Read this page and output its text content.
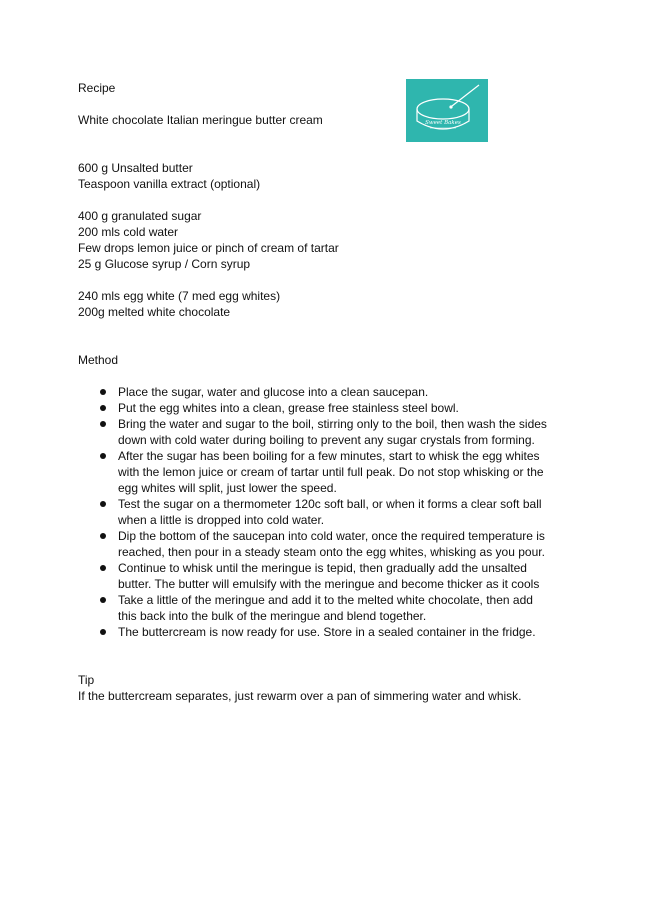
Recipe
White chocolate Italian meringue butter cream	Sweet Bakes
600 g Unsalted butter
Teaspoon vanilla extract (optional)
400 g granulated sugar
200 mls cold water
Few drops lemon juice or pinch of cream of tartar
25 g Glucose syrup / Corn syrup
240 mls egg white (7 med egg whites)
200g melted white chocolate
Method
Place the sugar, water and glucose into a clean saucepan.
Put the egg whites into a clean, grease free stainless steel bowl.
Bring the water and sugar to the boil, stirring only to the boil, then wash the sides down with cold water during boiling to prevent any sugar crystals from forming.
After the sugar has been boiling for a few minutes, start to whisk the egg whites with the lemon juice or cream of tartar until full peak. Do not stop whisking or the egg whites will split, just lower the speed.
Test the sugar on a thermometer 120c soft ball, or when it forms a clear soft ball when a little is dropped into cold water.
Dip the bottom of the saucepan into cold water, once the required temperature is reached, then pour in a steady steam onto the egg whites, whisking as you pour.
Continue to whisk until the meringue is tepid, then gradually add the unsalted butter. The butter will emulsify with the meringue and become thicker as it cools
Take a little of the meringue and add it to the melted white chocolate, then add this back into the bulk of the meringue and blend together.
The buttercream is now ready for use. Store in a sealed container in the fridge.
Tip
If the buttercream separates, just rewarm over a pan of simmering water and whisk.
